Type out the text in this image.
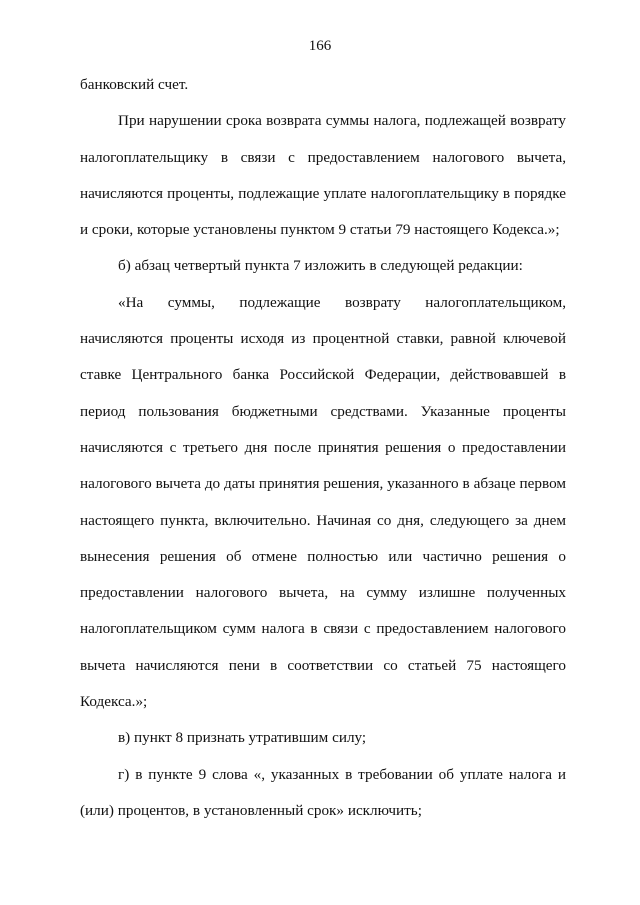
166

банковский счет.

При нарушении срока возврата суммы налога, подлежащей возврату налогоплательщику в связи с предоставлением налогового вычета, начисляются проценты, подлежащие уплате налогоплательщику в порядке и сроки, которые установлены пунктом 9 статьи 79 настоящего Кодекса.»;

б) абзац четвертый пункта 7 изложить в следующей редакции:

«На суммы, подлежащие возврату налогоплательщиком, начисляются проценты исходя из процентной ставки, равной ключевой ставке Центрального банка Российской Федерации, действовавшей в период пользования бюджетными средствами. Указанные проценты начисляются с третьего дня после принятия решения о предоставлении налогового вычета до даты принятия решения, указанного в абзаце первом настоящего пункта, включительно. Начиная со дня, следующего за днем вынесения решения об отмене полностью или частично решения о предоставлении налогового вычета, на сумму излишне полученных налогоплательщиком сумм налога в связи с предоставлением налогового вычета начисляются пени в соответствии со статьей 75 настоящего Кодекса.»;

в) пункт 8 признать утратившим силу;

г) в пункте 9 слова «, указанных в требовании об уплате налога и (или) процентов, в установленный срок» исключить;
